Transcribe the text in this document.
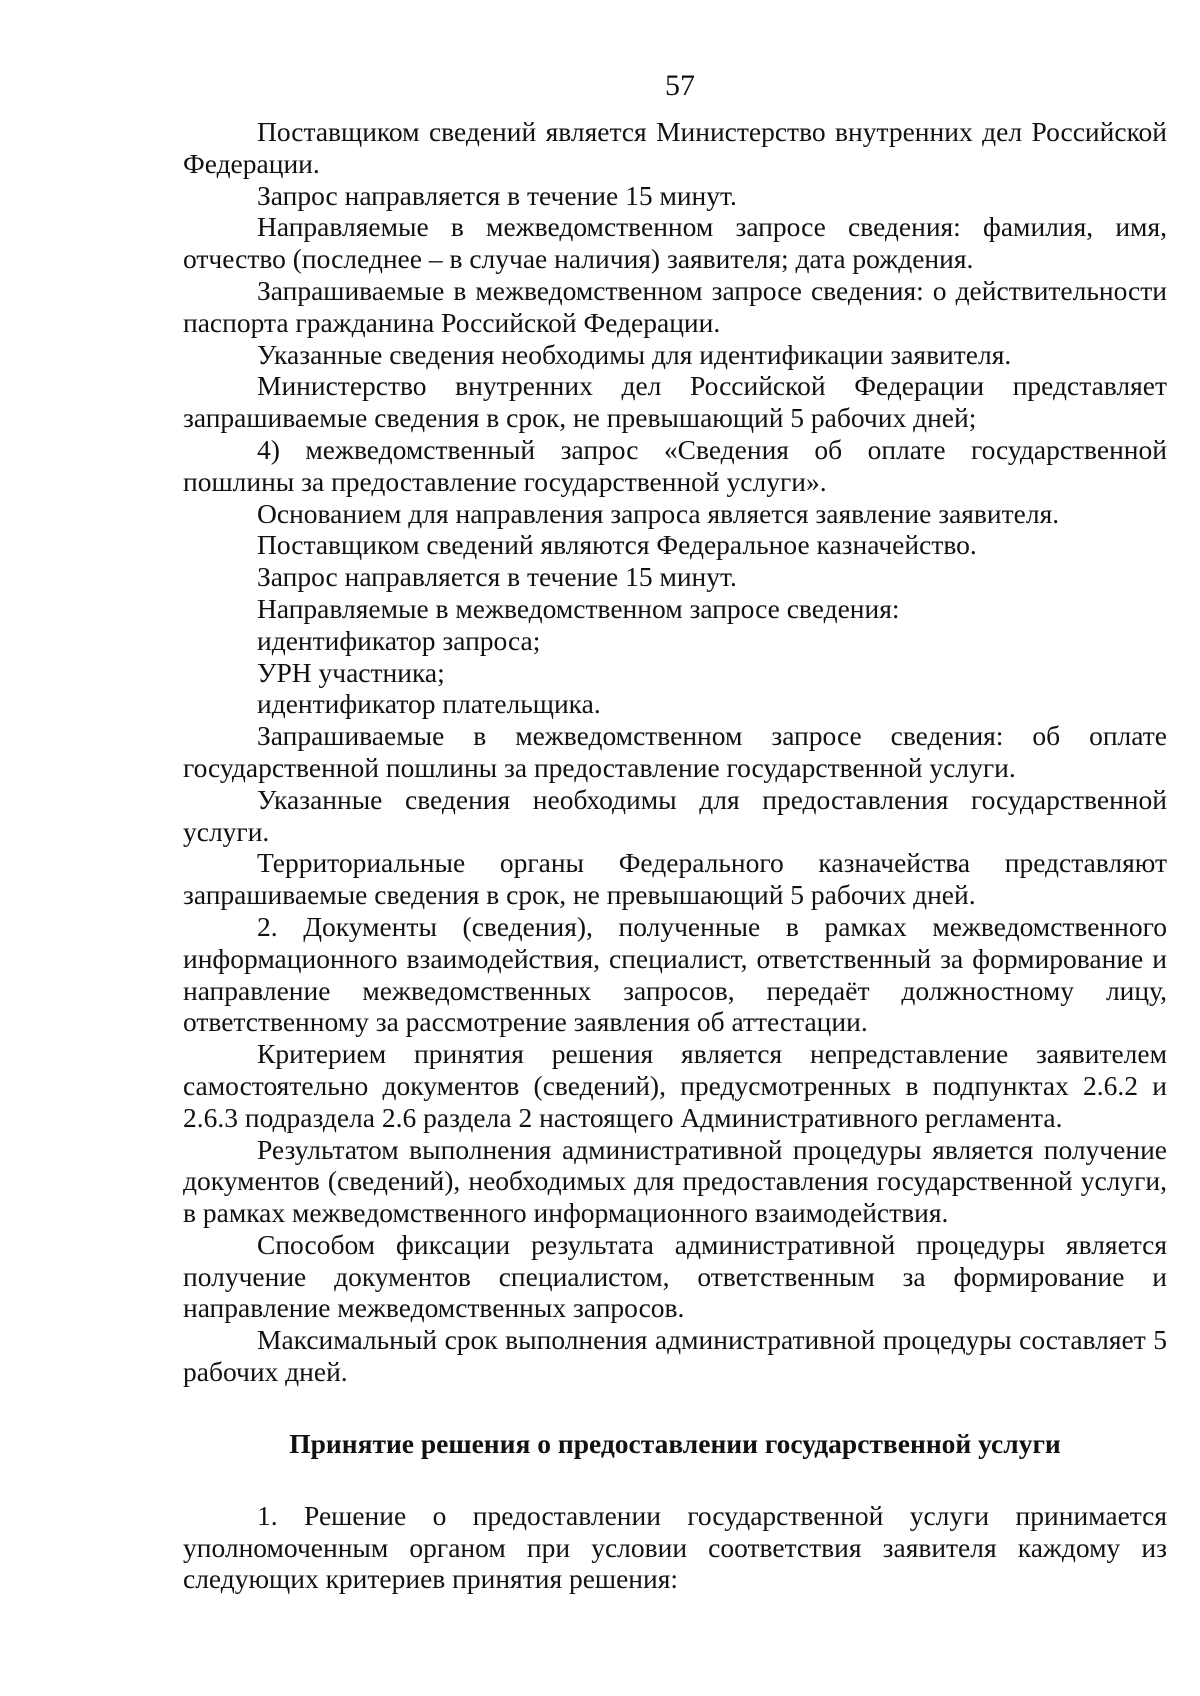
57

Поставщиком сведений является Министерство внутренних дел Российской Федерации.

Запрос направляется в течение 15 минут.

Направляемые в межведомственном запросе сведения: фамилия, имя, отчество (последнее – в случае наличия) заявителя; дата рождения.

Запрашиваемые в межведомственном запросе сведения: о действительности паспорта гражданина Российской Федерации.

Указанные сведения необходимы для идентификации заявителя.

Министерство внутренних дел Российской Федерации представляет запрашиваемые сведения в срок, не превышающий 5 рабочих дней;

4) межведомственный запрос «Сведения об оплате государственной пошлины за предоставление государственной услуги».

Основанием для направления запроса является заявление заявителя.

Поставщиком сведений являются Федеральное казначейство.

Запрос направляется в течение 15 минут.

Направляемые в межведомственном запросе сведения:

идентификатор запроса;

УРН участника;

идентификатор плательщика.

Запрашиваемые в межведомственном запросе сведения: об оплате государственной пошлины за предоставление государственной услуги.

Указанные сведения необходимы для предоставления государственной услуги.

Территориальные органы Федерального казначейства представляют запрашиваемые сведения в срок, не превышающий 5 рабочих дней.

2. Документы (сведения), полученные в рамках межведомственного информационного взаимодействия, специалист, ответственный за формирование и направление межведомственных запросов, передаёт должностному лицу, ответственному за рассмотрение заявления об аттестации.

Критерием принятия решения является непредставление заявителем самостоятельно документов (сведений), предусмотренных в подпунктах 2.6.2 и 2.6.3 подраздела 2.6 раздела 2 настоящего Административного регламента.

Результатом выполнения административной процедуры является получение документов (сведений), необходимых для предоставления государственной услуги, в рамках межведомственного информационного взаимодействия.

Способом фиксации результата административной процедуры является получение документов специалистом, ответственным за формирование и направление межведомственных запросов.

Максимальный срок выполнения административной процедуры составляет 5 рабочих дней.

Принятие решения о предоставлении государственной услуги

1. Решение о предоставлении государственной услуги принимается уполномоченным органом при условии соответствия заявителя каждому из следующих критериев принятия решения:
